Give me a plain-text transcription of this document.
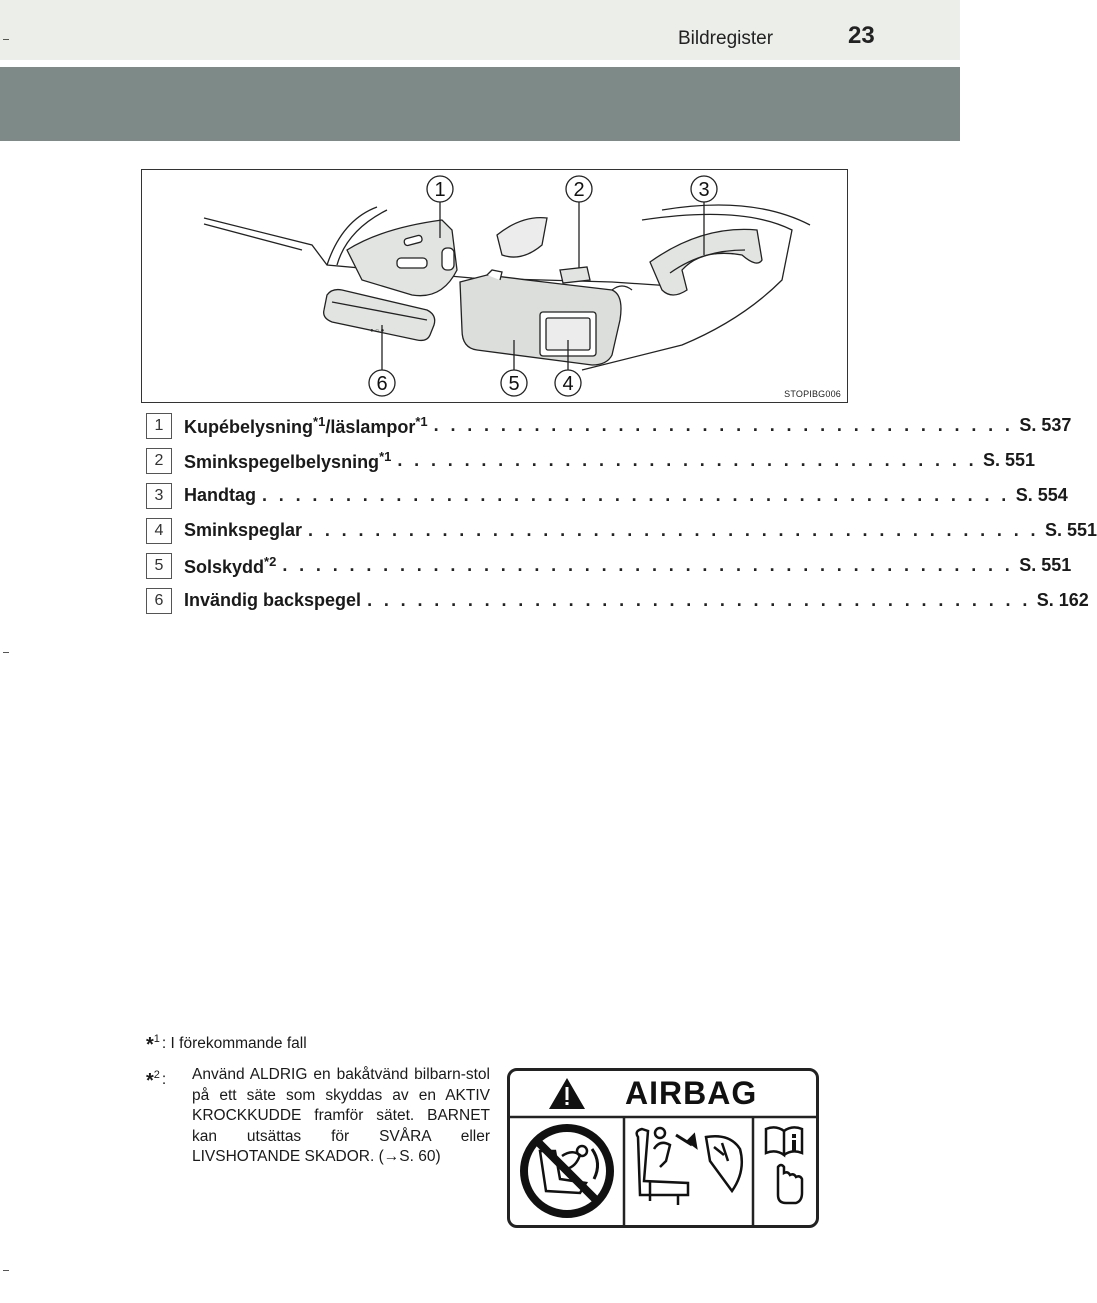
Bildregister	23
● ○ ●
1	2	3
4
5
6	STOPIBG006
1	Kupébelysning$^{*1}$/läslampor$^{*1}$ . . . . . . . . . . . . . . . . . . . . . . . . . . . . . . . . . . . S. 537
2	Sminkspegelbelysning$^{*1}$ . . . . . . . . . . . . . . . . . . . . . . . . . . . . . . . . . . . S. 551
3	Handtag . . . . . . . . . . . . . . . . . . . . . . . . . . . . . . . . . . . . . . . . . . . . . S. 554
4	Sminkspeglar . . . . . . . . . . . . . . . . . . . . . . . . . . . . . . . . . . . . . . . . . . . . S. 551
5	Solskydd$^{*2}$ . . . . . . . . . . . . . . . . . . . . . . . . . . . . . . . . . . . . . . . . . . . . S. 551
6	Invändig backspegel . . . . . . . . . . . . . . . . . . . . . . . . . . . . . . . . . . . . . . . . S. 162
*$^1$ : I förekommande fall
*$^2$ :	Använd ALDRIG en bakåtvänd bilbarn-stol på ett säte som skyddas av en AKTIV KROCKKUDDE framför sätet. BARNET kan utsättas för SVÅRA eller LIVSHOTANDE SKADOR. (→S. 60)
AIRBAG
